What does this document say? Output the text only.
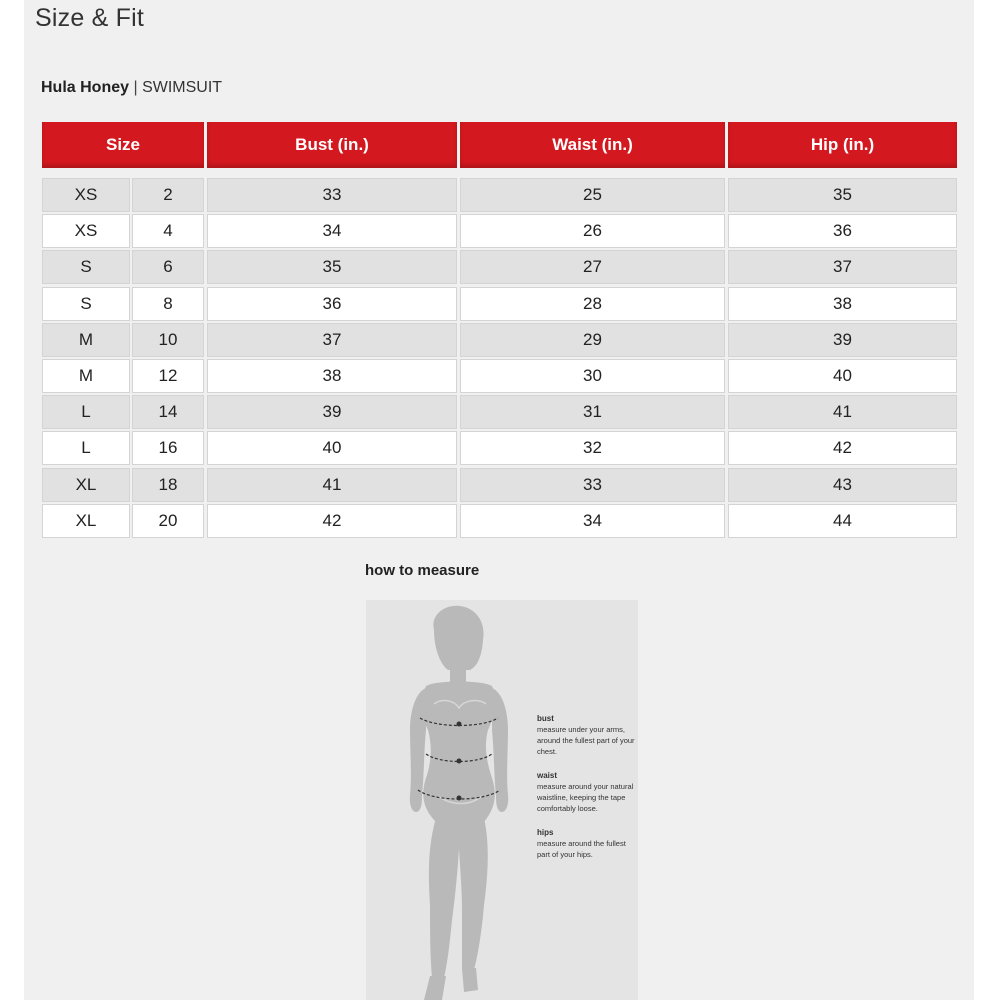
Size & Fit
Hula Honey | SWIMSUIT
Size	Bust (in.)	Waist (in.)	Hip (in.)
XS	2	33	25	35
XS	4	34	26	36
S	6	35	27	37
S	8	36	28	38
M	10	37	29	39
M	12	38	30	40
L	14	39	31	41
L	16	40	32	42
XL	18	41	33	43
XL	20	42	34	44
how to measure
bust
measure under your arms, around the fullest part of your chest.
waist
measure around your natural waistline, keeping the tape comfortably loose.
hips
measure around the fullest part of your hips.
